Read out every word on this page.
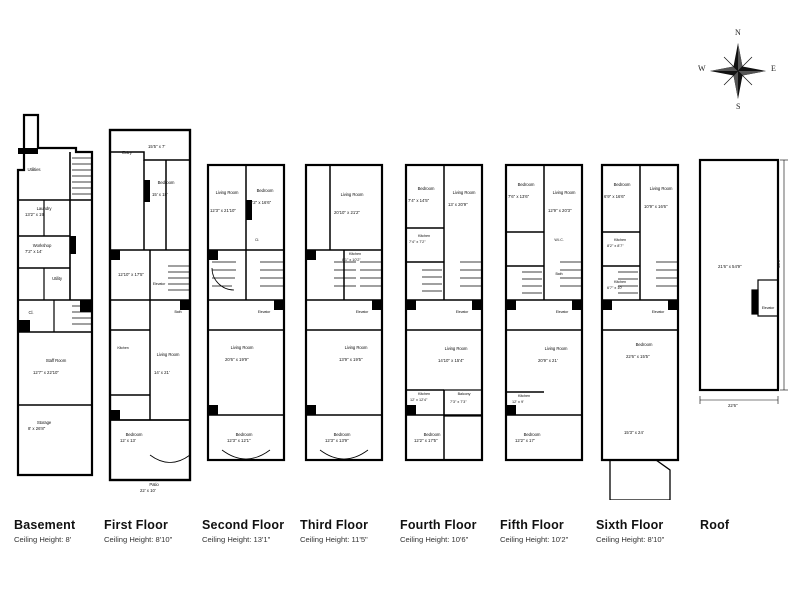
N
E
S
W
Utilities
Laundry
13'2" x 19'
Workshop
7'2" x 14'
Utility
Cl.
Staff Room
12'7" x 22'10"
Storage
8' x 26'8"
Basement
Ceiling Height: 8'
Entry
15'5" x 7'
Bedroom
15' x 18'
12'10" x 17'5"
Elevator
Bath
Kitchen
Living Room
14' x 21'
Bedroom
12' x 13'
Patio
22' x 10'
First Floor
Ceiling Height: 8'10"
Living Room
12'3" x 21'10"
Bedroom
8'2" x 16'6"
Cl.
Elevator
Living Room
20'6" x 19'9"
Bedroom
12'3" x 12'1"
Second Floor
Ceiling Height: 13'1"
Living Room
20'10" x 21'2"
Kitchen
8'1" x 10'2"
Elevator
Living Room
13'9" x 19'5"
Bedroom
12'3" x 13'9"
Third Floor
Ceiling Height: 11'5"
Bedroom
7'4" x 14'5"
Living Room
13' x 20'9"
Kitchen
7'4" x 7'2"
Elevator
Living Room
14'10" x 15'4"
Kitchen
12' x 12'4"
Balcony
7'3" x 7'3"
Bedroom
12'2" x 17'5"
Fourth Floor
Ceiling Height: 10'6"
Bedroom
7'6" x 13'6"
Living Room
12'9" x 20'3"
W.I.C.
Bath
Elevator
Living Room
20'9" x 21'
Kitchen
12' x 9'
Bedroom
12'2" x 17'
Fifth Floor
Ceiling Height: 10'2"
Bedroom
6'9" x 16'6"
Living Room
10'9" x 16'6"
Kitchen
8'2" x 8'7"
Kitchen
6'7" x 10'
Elevator
Bedroom
22'6" x 15'5"
15'3" x 24'
Sixth Floor
Ceiling Height: 8'10"
21'6" x 54'9"
Elevator
22'6"
65'9"
Roof
